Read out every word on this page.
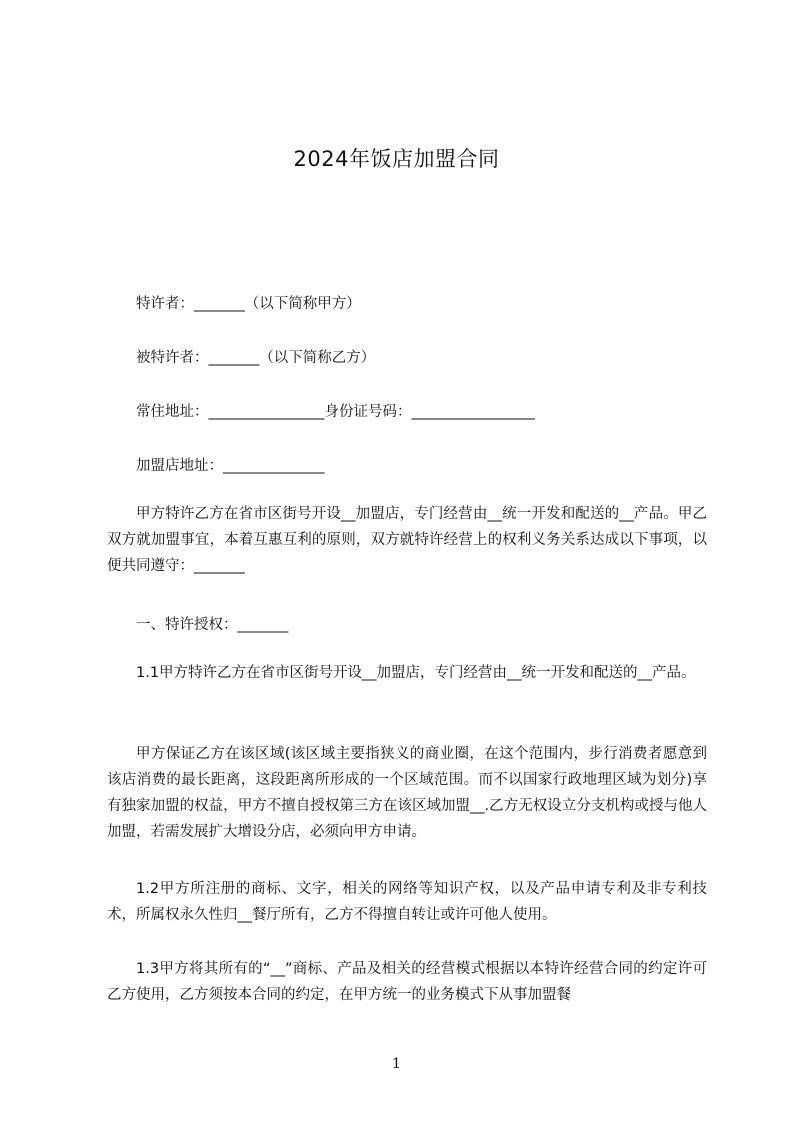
2024年饭店加盟合同
特许者：_______（以下简称甲方）
被特许者：_______（以下简称乙方）
常住地址：________________身份证号码：_________________
加盟店地址：______________

甲方特许乙方在省市区街号开设__加盟店，专门经营由__统一开发和配送的__产品。甲乙双方就加盟事宜，本着互惠互利的原则，双方就特许经营上的权利义务关系达成以下事项，以便共同遵守：_______

一、特许授权：_______

1.1甲方特许乙方在省市区街号开设__加盟店，专门经营由__统一开发和配送的__产品。

甲方保证乙方在该区域(该区域主要指狭义的商业圈，在这个范围内，步行消费者愿意到该店消费的最长距离，这段距离所形成的一个区域范围。而不以国家行政地理区域为划分)享有独家加盟的权益，甲方不擅自授权第三方在该区域加盟__.乙方无权设立分支机构或授与他人加盟，若需发展扩大增设分店，必须向甲方申请。

1.2甲方所注册的商标、文字，相关的网络等知识产权，以及产品申请专利及非专利技术，所属权永久性归__餐厅所有，乙方不得擅自转让或许可他人使用。

1.3甲方将其所有的“__”商标、产品及相关的经营模式根据以本特许经营合同的约定许可乙方使用，乙方须按本合同的约定，在甲方统一的业务模式下从事加盟餐

1
